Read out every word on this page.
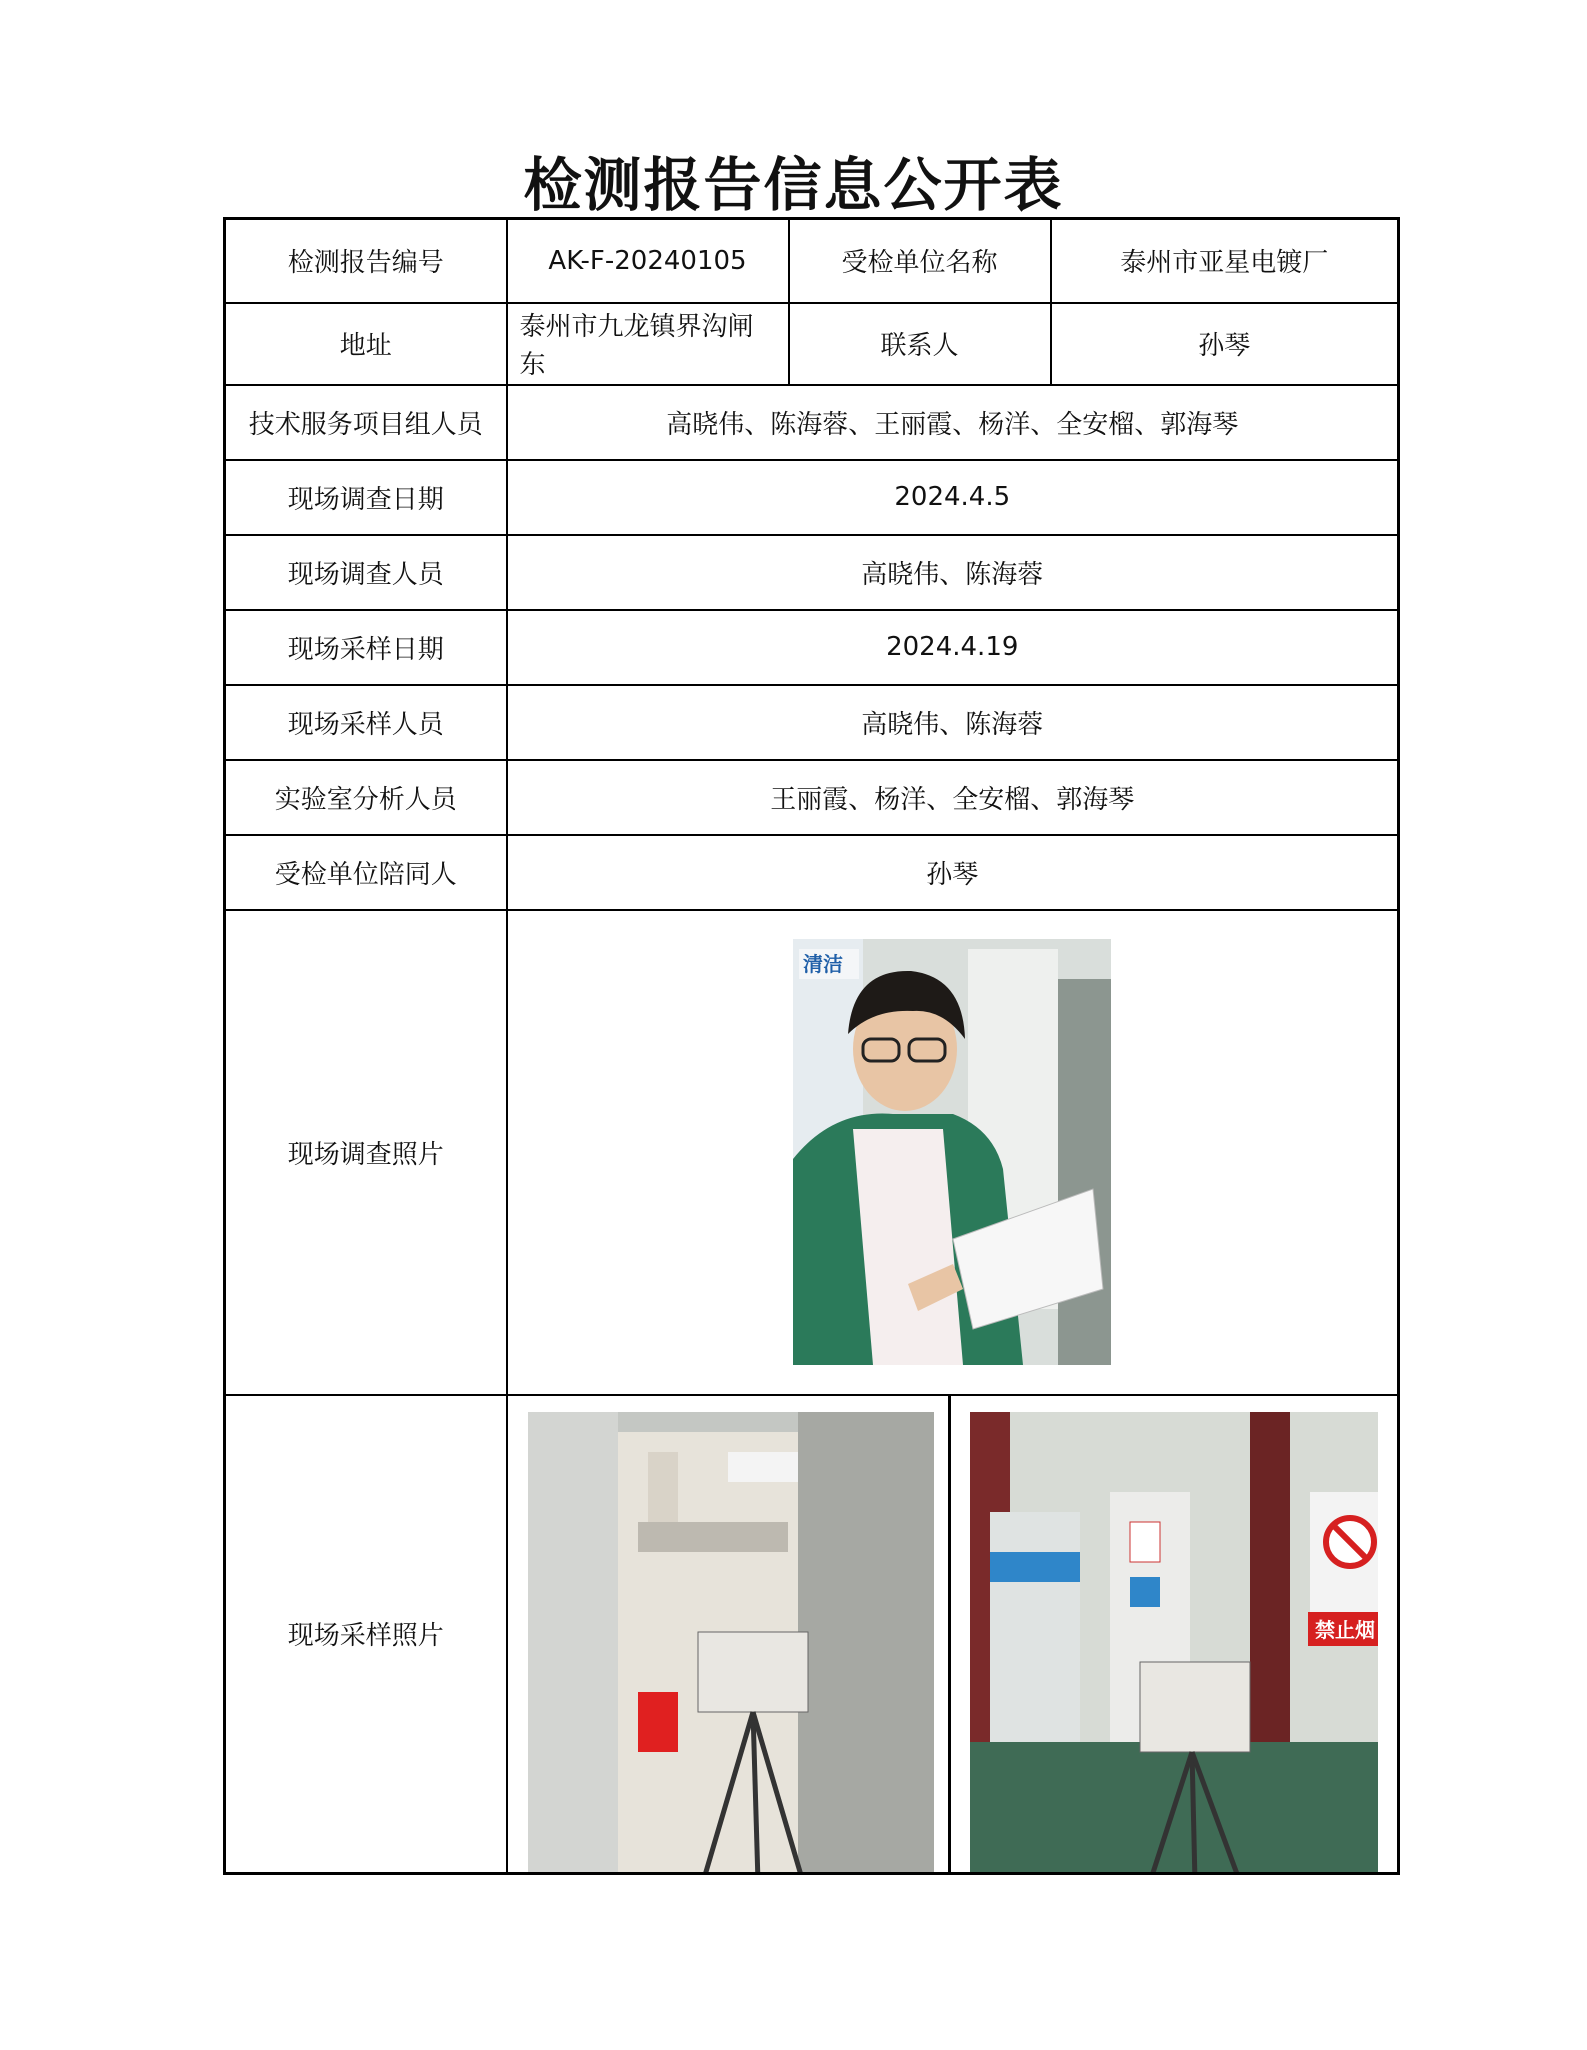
检测报告信息公开表
检测报告编号	AK-F-20240105	受检单位名称	泰州市亚星电镀厂
地址	泰州市九龙镇界沟闸东	联系人	孙琴
技术服务项目组人员	高晓伟、陈海蓉、王丽霞、杨洋、全安榴、郭海琴		
现场调查日期	2024.4.5		
现场调查人员	高晓伟、陈海蓉		
现场采样日期	2024.4.19		
现场采样人员	高晓伟、陈海蓉		
实验室分析人员	王丽霞、杨洋、全安榴、郭海琴		
受检单位陪同人	孙琴		
现场调查照片	清洁		

现场采样照片	禁止烟		
